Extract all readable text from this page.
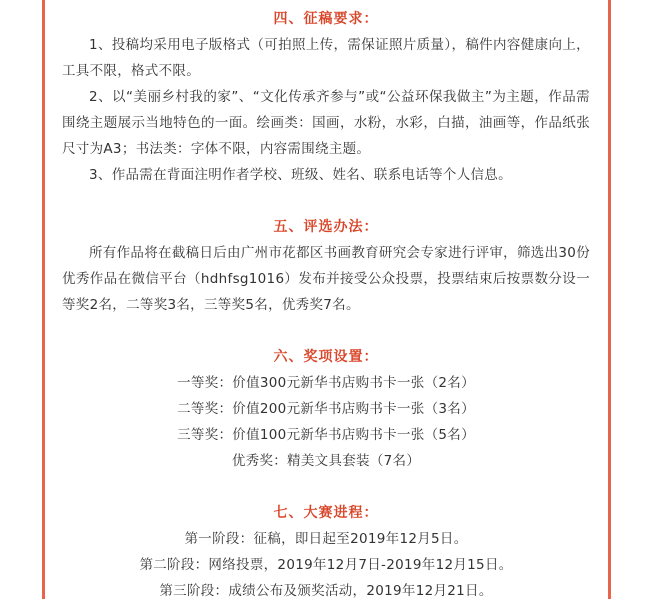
四、征稿要求：

1、投稿均采用电子版格式（可拍照上传，需保证照片质量），稿件内容健康向上，工具不限，格式不限。

2、以“美丽乡村我的家”、“文化传承齐参与”或“公益环保我做主”为主题，作品需围绕主题展示当地特色的一面。绘画类：国画，水粉，水彩，白描，油画等，作品纸张尺寸为A3；书法类：字体不限，内容需围绕主题。

3、作品需在背面注明作者学校、班级、姓名、联系电话等个人信息。

五、评选办法：

所有作品将在截稿日后由广州市花都区书画教育研究会专家进行评审，筛选出30份优秀作品在微信平台（hdhfsg1016）发布并接受公众投票，投票结束后按票数分设一等奖2名，二等奖3名，三等奖5名，优秀奖7名。

六、奖项设置：

一等奖：价值300元新华书店购书卡一张（2名）

二等奖：价值200元新华书店购书卡一张（3名）

三等奖：价值100元新华书店购书卡一张（5名）

优秀奖：精美文具套装（7名）

七、大赛进程：

第一阶段：征稿，即日起至2019年12月5日。

第二阶段：网络投票，2019年12月7日-2019年12月15日。

第三阶段：成绩公布及颁奖活动，2019年12月21日。
